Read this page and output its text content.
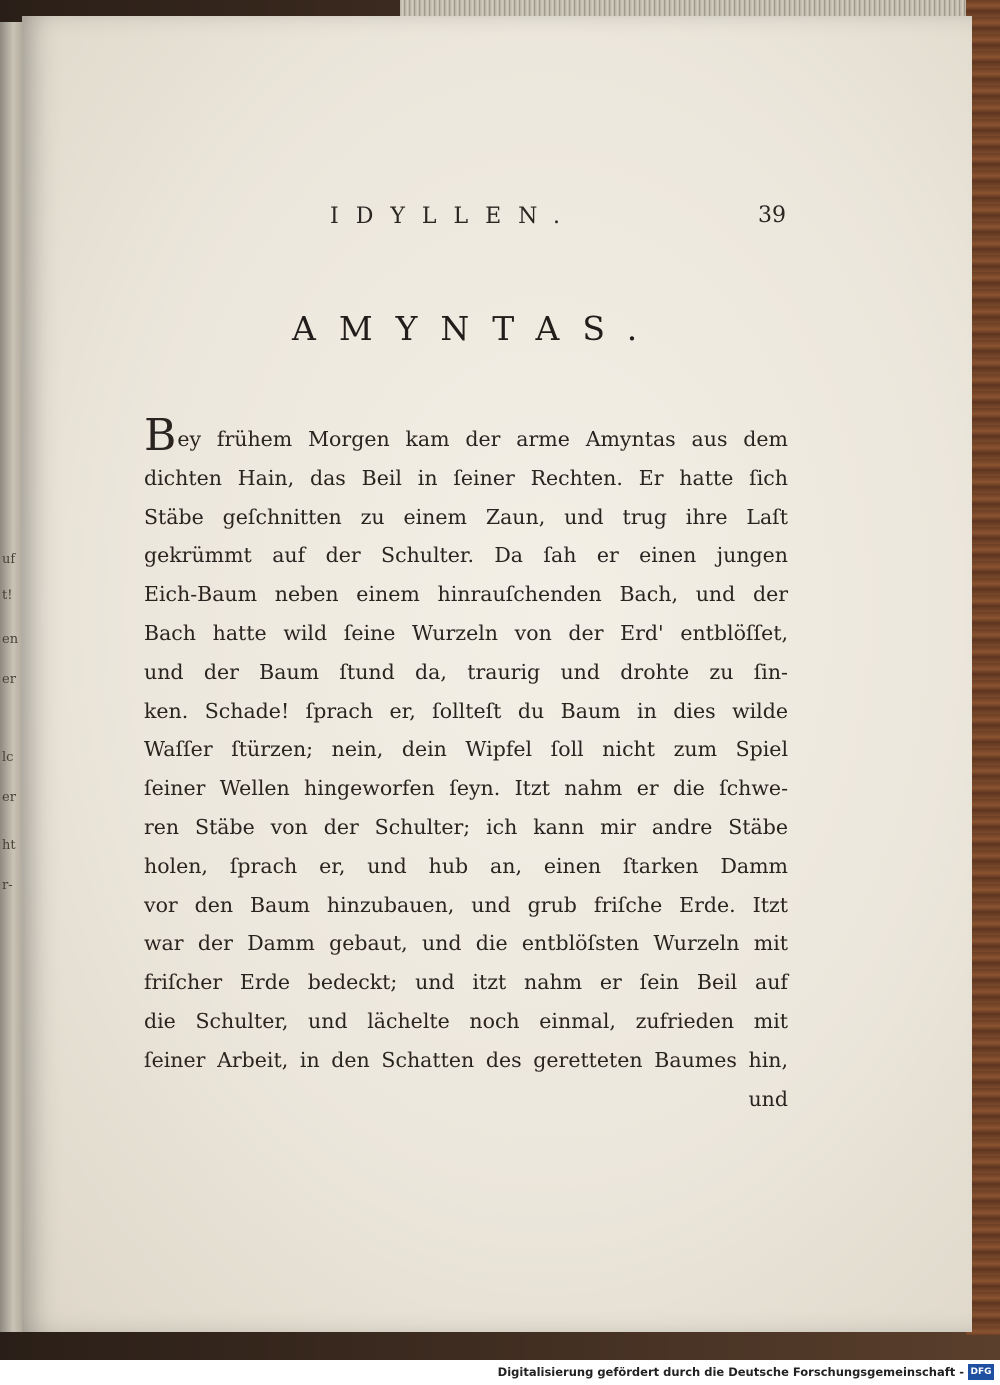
uf
t!
en
er
lc
er
ht
r-
IDYLLEN.	39
AMYNTAS.
Bey frühem Morgen kam der arme Amyntas aus dem
dichten Hain, das Beil in ſeiner Rechten. Er hatte ſich
Stäbe geſchnitten zu einem Zaun, und trug ihre Laſt
gekrümmt auf der Schulter. Da ſah er einen jungen
Eich-Baum neben einem hinrauſchenden Bach, und der
Bach hatte wild ſeine Wurzeln von der Erd' entblöſſet,
und der Baum ſtund da, traurig und drohte zu ſin-
ken. Schade! ſprach er, ſollteſt du Baum in dies wilde
Waſſer ſtürzen; nein, dein Wipfel ſoll nicht zum Spiel
ſeiner Wellen hingeworfen ſeyn. Itzt nahm er die ſchwe-
ren Stäbe von der Schulter; ich kann mir andre Stäbe
holen, ſprach er, und hub an, einen ſtarken Damm
vor den Baum hinzubauen, und grub friſche Erde. Itzt
war der Damm gebaut, und die entblöſsten Wurzeln mit
friſcher Erde bedeckt; und itzt nahm er ſein Beil auf
die Schulter, und lächelte noch einmal, zufrieden mit
ſeiner Arbeit, in den Schatten des geretteten Baumes hin,
und
Digitalisierung gefördert durch die Deutsche Forschungsgemeinschaft - DFG
